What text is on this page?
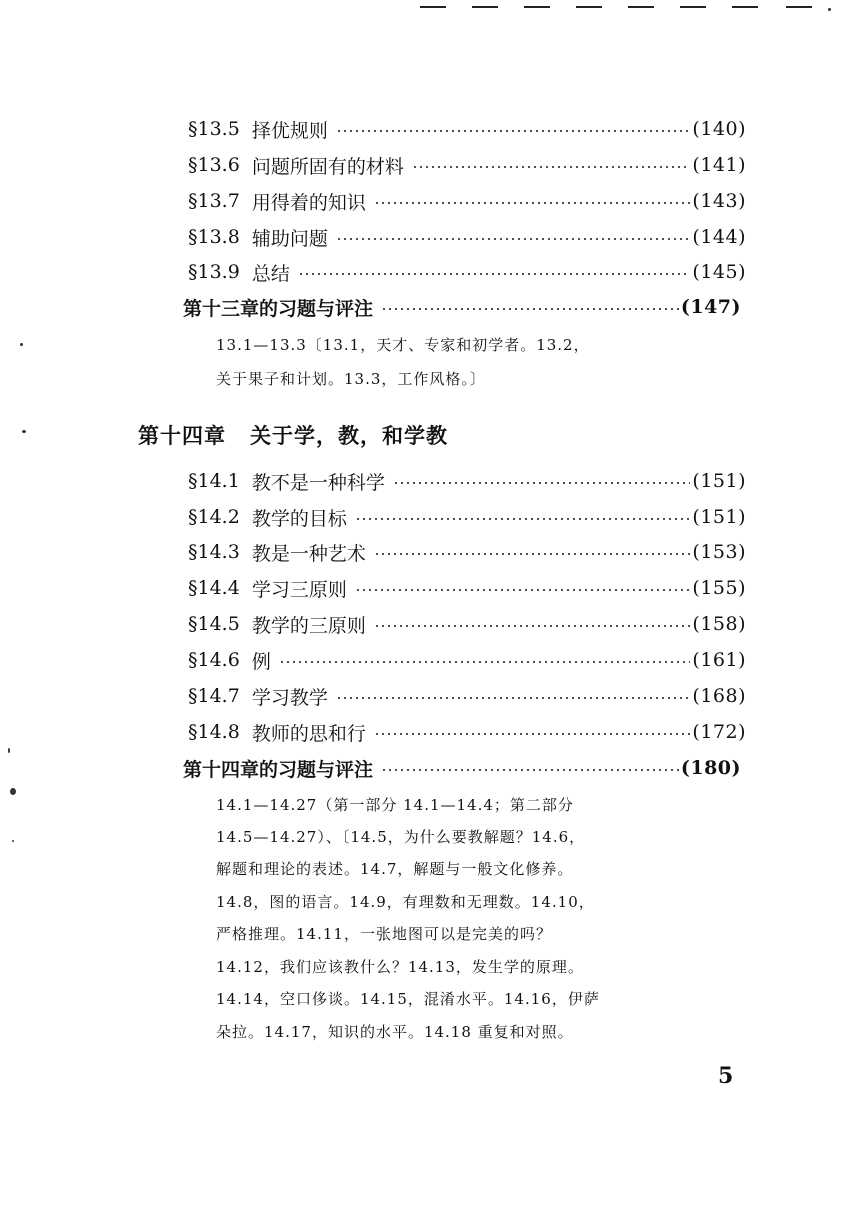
§13.5 择优规则	(140)
§13.6 问题所固有的材料	(141)
§13.7 用得着的知识	(143)
§13.8 辅助问题	(144)
§13.9 总结	(145)
第十三章的习题与评注	(147)
13.1—13.3〔13.1，天才、专家和初学者。13.2，
关于果子和计划。13.3，工作风格。〕
第十四章 关于学，教，和学教
§14.1 教不是一种科学	(151)
§14.2 教学的目标	(151)
§14.3 教是一种艺术	(153)
§14.4 学习三原则	(155)
§14.5 教学的三原则	(158)
§14.6 例	(161)
§14.7 学习教学	(168)
§14.8 教师的思和行	(172)
第十四章的习题与评注	(180)
14.1—14.27（第一部分 14.1—14.4；第二部分
14.5—14.27）、〔14.5，为什么要教解题？14.6，
解题和理论的表述。14.7，解题与一般文化修养。
14.8，图的语言。14.9，有理数和无理数。14.10，
严格推理。14.11，一张地图可以是完美的吗？
14.12，我们应该教什么？14.13，发生学的原理。
14.14，空口侈谈。14.15，混淆水平。14.16，伊萨
朵拉。14.17，知识的水平。14.18 重复和对照。
5
